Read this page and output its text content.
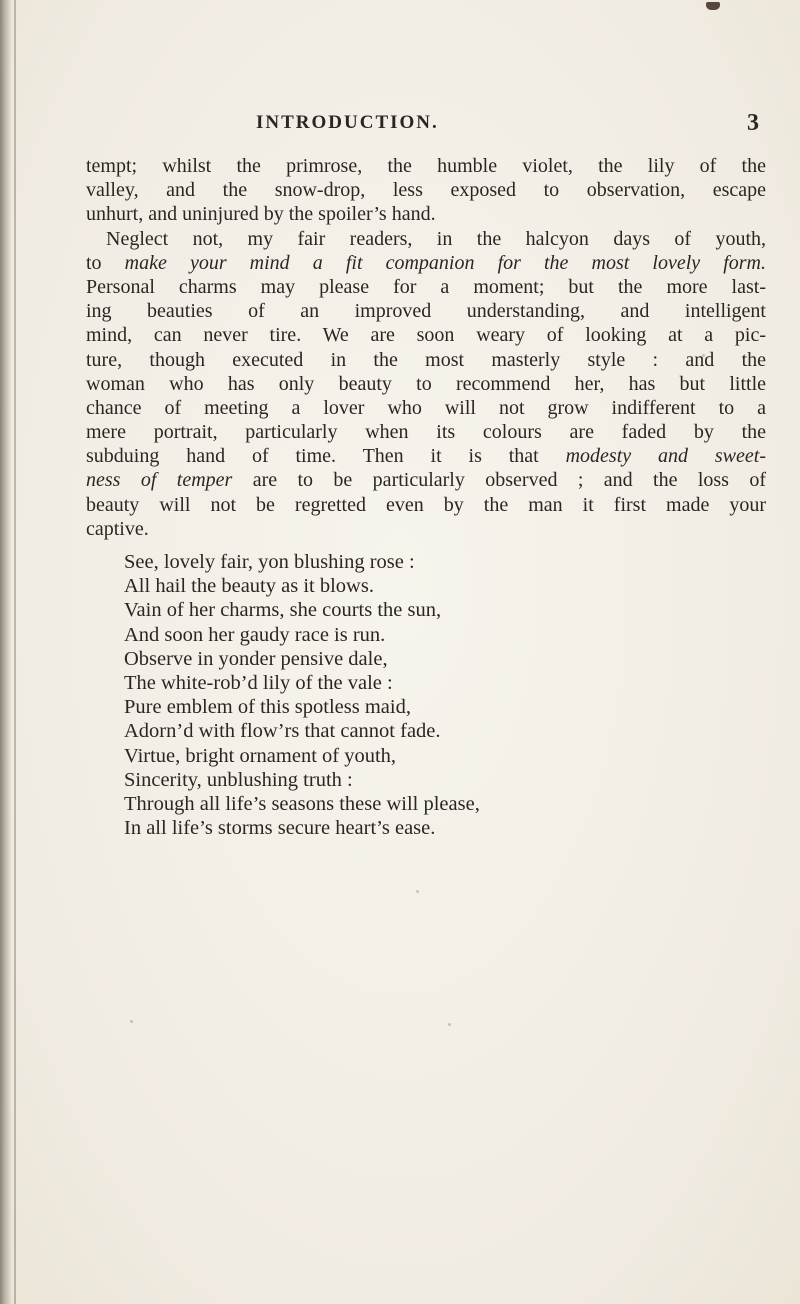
INTRODUCTION.	3
tempt; whilst the primrose, the humble violet, the lily of the
valley, and the snow-drop, less exposed to observation, escape
unhurt, and uninjured by the spoiler’s hand.
Neglect not, my fair readers, in the halcyon days of youth,
to make your mind a fit companion for the most lovely form.
Personal charms may please for a moment; but the more last-
ing beauties of an improved understanding, and intelligent
mind, can never tire. We are soon weary of looking at a pic-
ture, though executed in the most masterly style : and the
woman who has only beauty to recommend her, has but little
chance of meeting a lover who will not grow indifferent to a
mere portrait, particularly when its colours are faded by the
subduing hand of time. Then it is that modesty and sweet-
ness of temper are to be particularly observed ; and the loss of
beauty will not be regretted even by the man it first made your
captive.
See, lovely fair, yon blushing rose :
All hail the beauty as it blows.
Vain of her charms, she courts the sun,
And soon her gaudy race is run.
Observe in yonder pensive dale,
The white-rob’d lily of the vale :
Pure emblem of this spotless maid,
Adorn’d with flow’rs that cannot fade.
Virtue, bright ornament of youth,
Sincerity, unblushing truth :
Through all life’s seasons these will please,
In all life’s storms secure heart’s ease.
